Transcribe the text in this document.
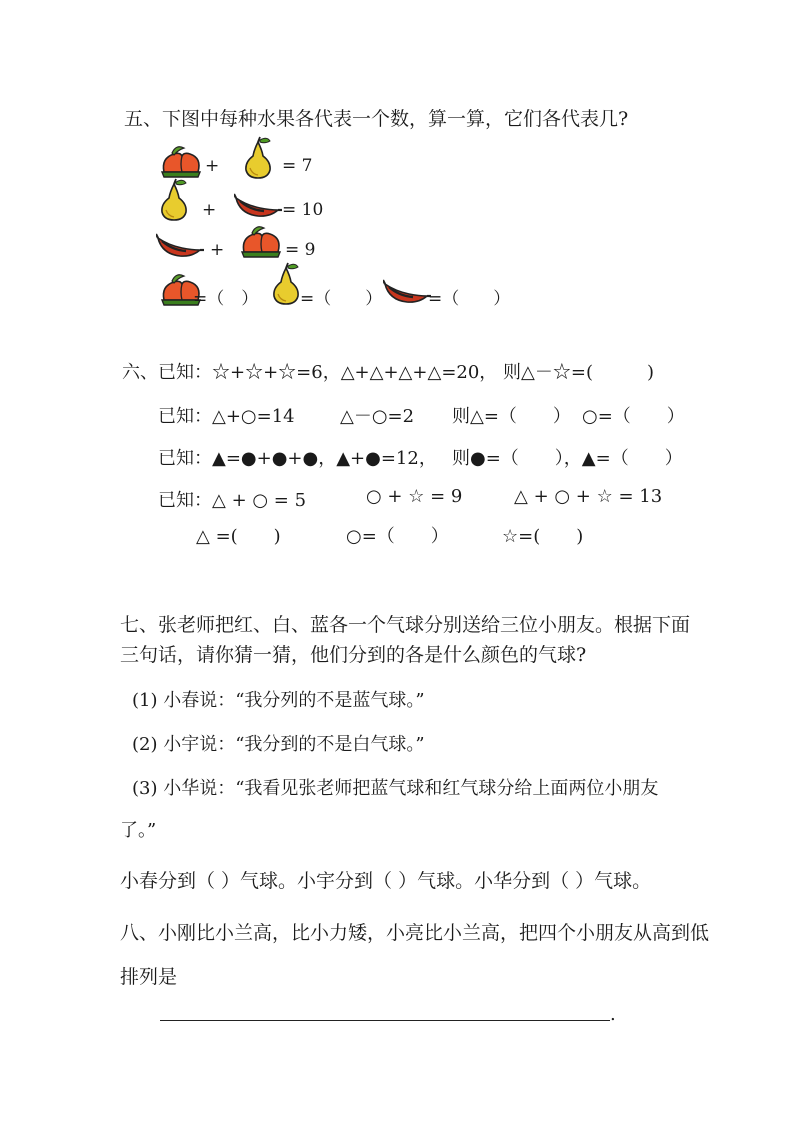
五、下图中每种水果各代表一个数，算一算，它们各代表几?
+	= 7
+	= 10
+	= 9
=（　） =（　　）	=（　　）
六、已知：☆+☆+☆=6，△+△+△+△=20， 则△－☆=(　　　)
已知：△+○=14	△－○=2 则△=（　　） ○=（　　）
已知：▲=●+●+●，▲+●=12， 则●=（　　），▲=（　　）
已知：△ + ○ = 5	○ + ☆ = 9	△ + ○ + ☆ = 13
△ =(　　)	○=（　　）	☆=(　　)
七、张老师把红、白、蓝各一个气球分别送给三位小朋友。根据下面
三句话，请你猜一猜，他们分到的各是什么颜色的气球?
(1) 小春说：“我分列的不是蓝气球。”
(2) 小宇说：“我分到的不是白气球。”
(3) 小华说：“我看见张老师把蓝气球和红气球分给上面两位小朋友
了。”
小春分到（ ）气球。小宇分到（ ）气球。小华分到（ ）气球。
八、小刚比小兰高，比小力矮，小亮比小兰高，把四个小朋友从高到低
排列是
.
